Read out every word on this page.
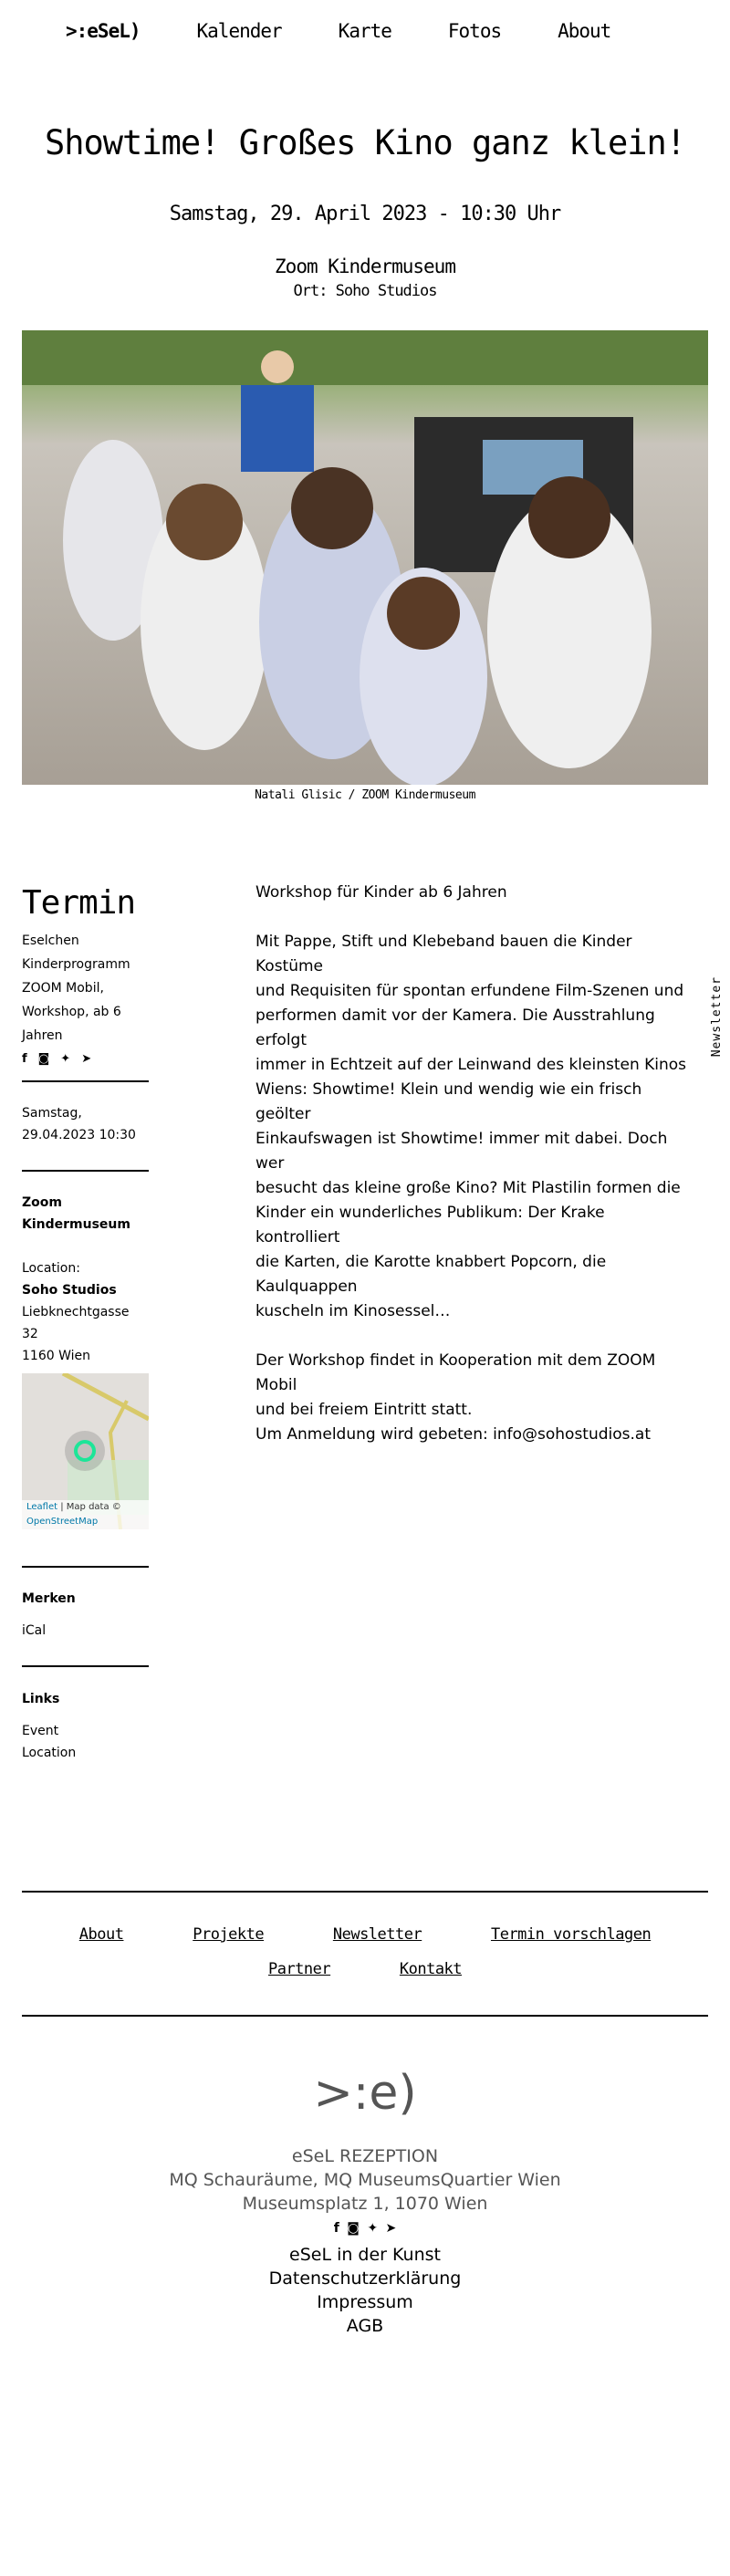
>:eSeL)	Kalender	Karte	Fotos	About
Showtime! Großes Kino ganz klein!
Samstag, 29. April 2023 - 10:30 Uhr
Zoom Kindermuseum
Ort: Soho Studios
Natali Glisic / ZOOM Kindermuseum
Termin
Eselchen
Kinderprogramm
ZOOM Mobil,
Workshop, ab 6
Jahren
f ◙ ✦ ➤
Samstag,
29.04.2023 10:30
Zoom
Kindermuseum
Location:
Soho Studios
Liebknechtgasse
32
1160 Wien
Leaflet | Map data ©
OpenStreetMap
Merken
iCal
Links
Event
Location
Workshop für Kinder ab 6 Jahren
Mit Pappe, Stift und Klebeband bauen die Kinder Kostüme
und Requisiten für spontan erfundene Film-Szenen und
performen damit vor der Kamera. Die Ausstrahlung erfolgt
immer in Echtzeit auf der Leinwand des kleinsten Kinos
Wiens: Showtime! Klein und wendig wie ein frisch geölter
Einkaufswagen ist Showtime! immer mit dabei. Doch wer
besucht das kleine große Kino? Mit Plastilin formen die
Kinder ein wunderliches Publikum: Der Krake kontrolliert
die Karten, die Karotte knabbert Popcorn, die Kaulquappen
kuscheln im Kinosessel…
Der Workshop findet in Kooperation mit dem ZOOM Mobil
und bei freiem Eintritt statt.
Um Anmeldung wird gebeten: info@sohostudios.at
Newsletter
About	Projekte	Newsletter	Termin vorschlagen
Partner	Kontakt
>:e)
eSeL REZEPTION
MQ Schauräume, MQ MuseumsQuartier Wien
Museumsplatz 1, 1070 Wien
f ◙ ✦ ➤
eSeL in der Kunst
Datenschutzerklärung
Impressum
AGB
